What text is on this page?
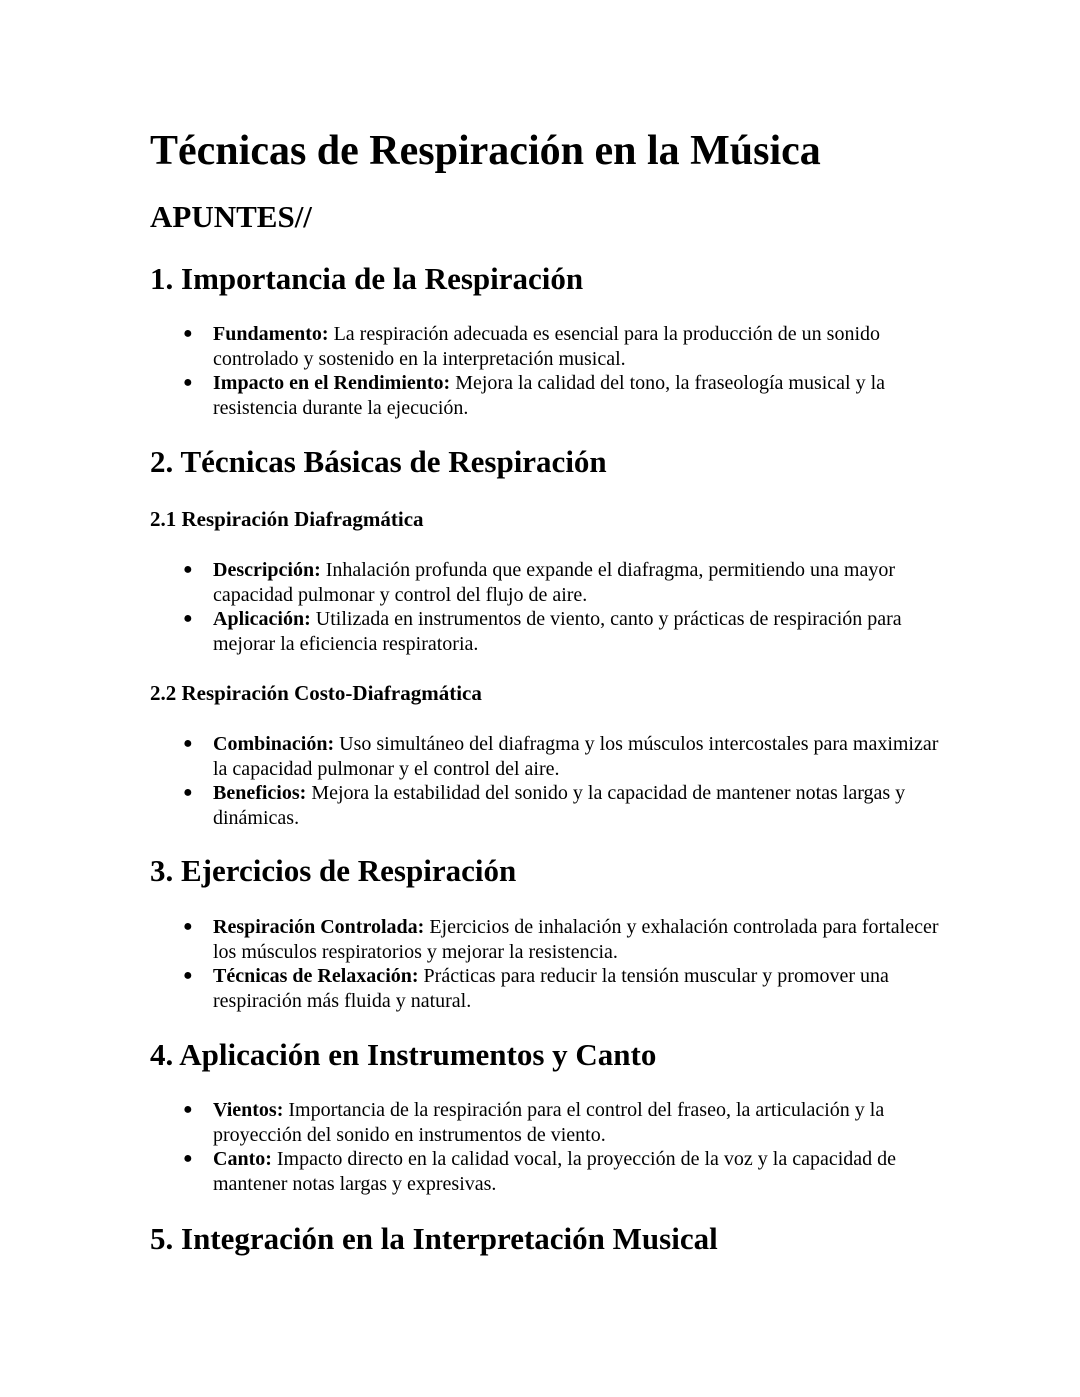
Técnicas de Respiración en la Música
APUNTES//
1. Importancia de la Respiración
● Fundamento: La respiración adecuada es esencial para la producción de un sonido controlado y sostenido en la interpretación musical.
● Impacto en el Rendimiento: Mejora la calidad del tono, la fraseología musical y la resistencia durante la ejecución.
2. Técnicas Básicas de Respiración
2.1 Respiración Diafragmática
● Descripción: Inhalación profunda que expande el diafragma, permitiendo una mayor capacidad pulmonar y control del flujo de aire.
● Aplicación: Utilizada en instrumentos de viento, canto y prácticas de respiración para mejorar la eficiencia respiratoria.
2.2 Respiración Costo-Diafragmática
● Combinación: Uso simultáneo del diafragma y los músculos intercostales para maximizar la capacidad pulmonar y el control del aire.
● Beneficios: Mejora la estabilidad del sonido y la capacidad de mantener notas largas y dinámicas.
3. Ejercicios de Respiración
● Respiración Controlada: Ejercicios de inhalación y exhalación controlada para fortalecer los músculos respiratorios y mejorar la resistencia.
● Técnicas de Relaxación: Prácticas para reducir la tensión muscular y promover una respiración más fluida y natural.
4. Aplicación en Instrumentos y Canto
● Vientos: Importancia de la respiración para el control del fraseo, la articulación y la proyección del sonido en instrumentos de viento.
● Canto: Impacto directo en la calidad vocal, la proyección de la voz y la capacidad de mantener notas largas y expresivas.
5. Integración en la Interpretación Musical
